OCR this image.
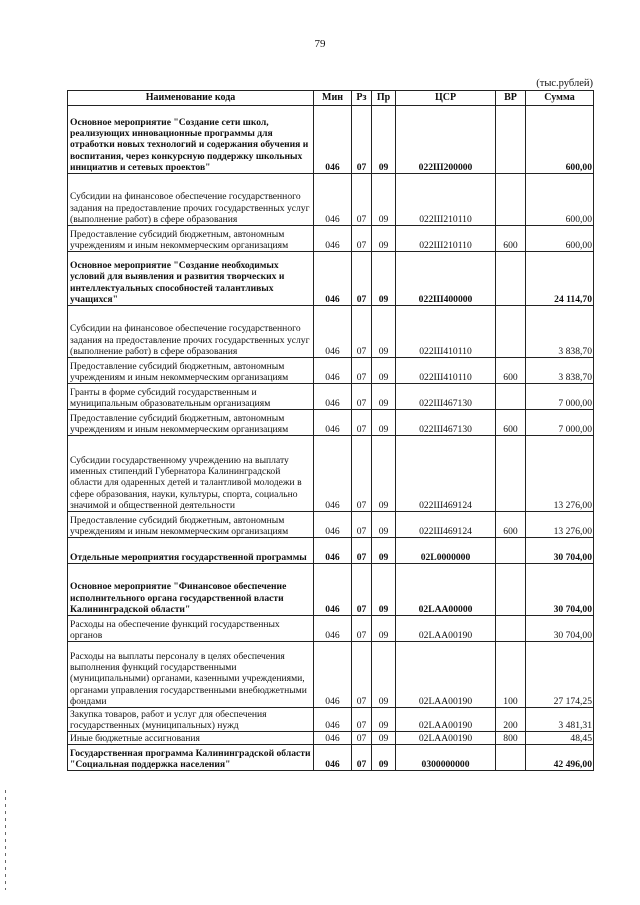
79
(тыс.рублей)
Наименование кода	Мин	Рз	Пр	ЦСР	ВР	Сумма
Основное мероприятие "Создание сети школ, реализующих инновационные программы для отработки новых технологий и содержания обучения и воспитания, через конкурсную поддержку школьных инициатив и сетевых проектов"	046	07	09	022Ш200000		600,00
Субсидии на финансовое обеспечение государственного задания на предоставление прочих государственных услуг (выполнение работ) в сфере образования	046	07	09	022Ш210110		600,00
Предоставление субсидий бюджетным, автономным учреждениям и иным некоммерческим организациям	046	07	09	022Ш210110	600	600,00
Основное мероприятие "Создание необходимых условий для выявления и развития творческих и интеллектуальных способностей талантливых учащихся"	046	07	09	022Ш400000		24 114,70
Субсидии на финансовое обеспечение государственного задания на предоставление прочих государственных услуг (выполнение работ) в сфере образования	046	07	09	022Ш410110		3 838,70
Предоставление субсидий бюджетным, автономным учреждениям и иным некоммерческим организациям	046	07	09	022Ш410110	600	3 838,70
Гранты в форме субсидий государственным и муниципальным образовательным организациям	046	07	09	022Ш467130		7 000,00
Предоставление субсидий бюджетным, автономным учреждениям и иным некоммерческим организациям	046	07	09	022Ш467130	600	7 000,00
Субсидии государственному учреждению на выплату именных стипендий Губернатора Калининградской области для одаренных детей и талантливой молодежи в сфере образования, науки, культуры, спорта, социально значимой и общественной деятельности	046	07	09	022Ш469124		13 276,00
Предоставление субсидий бюджетным, автономным учреждениям и иным некоммерческим организациям	046	07	09	022Ш469124	600	13 276,00
Отдельные мероприятия государственной программы	046	07	09	02L0000000		30 704,00
Основное мероприятие "Финансовое обеспечение исполнительного органа государственной власти Калининградской области"	046	07	09	02LAA00000		30 704,00
Расходы на обеспечение функций государственных органов	046	07	09	02LAA00190		30 704,00
Расходы на выплаты персоналу в целях обеспечения выполнения функций государственными (муниципальными) органами, казенными учреждениями, органами управления государственными внебюджетными фондами	046	07	09	02LAA00190	100	27 174,25
Закупка товаров, работ и услуг для обеспечения государственных (муниципальных) нужд	046	07	09	02LAA00190	200	3 481,31
Иные бюджетные ассигнования	046	07	09	02LAA00190	800	48,45
Государственная программа Калининградской области "Социальная поддержка населения"	046	07	09	0300000000		42 496,00
